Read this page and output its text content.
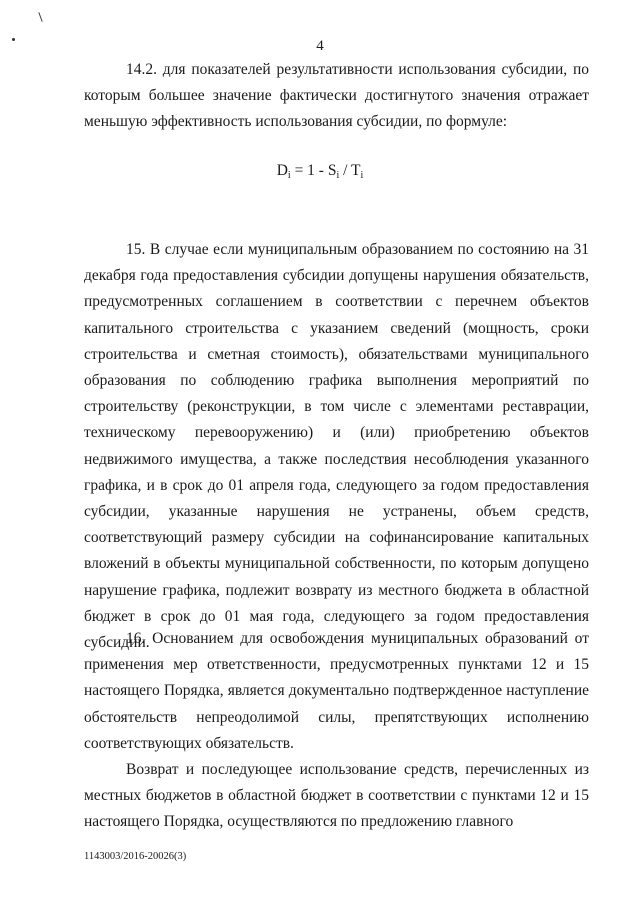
4

14.2. для показателей результативности использования субсидии, по которым большее значение фактически достигнутого значения отражает меньшую эффективность использования субсидии, по формуле:

$D_i = 1 - S_i / T_i$

15. В случае если муниципальным образованием по состоянию на 31 декабря года предоставления субсидии допущены нарушения обязательств, предусмотренных соглашением в соответствии с перечнем объектов капитального строительства с указанием сведений (мощность, сроки строительства и сметная стоимость), обязательствами муниципального образования по соблюдению графика выполнения мероприятий по строительству (реконструкции, в том числе с элементами реставрации, техническому перевооружению) и (или) приобретению объектов недвижимого имущества, а также последствия несоблюдения указанного графика, и в срок до 01 апреля года, следующего за годом предоставления субсидии, указанные нарушения не устранены, объем средств, соответствующий размеру субсидии на софинансирование капитальных вложений в объекты муниципальной собственности, по которым допущено нарушение графика, подлежит возврату из местного бюджета в областной бюджет в срок до 01 мая года, следующего за годом предоставления субсидии.

16. Основанием для освобождения муниципальных образований от применения мер ответственности, предусмотренных пунктами 12 и 15 настоящего Порядка, является документально подтвержденное наступление обстоятельств непреодолимой силы, препятствующих исполнению соответствующих обязательств.

Возврат и последующее использование средств, перечисленных из местных бюджетов в областной бюджет в соответствии с пунктами 12 и 15 настоящего Порядка, осуществляются по предложению главного

1143003/2016-20026(3)
